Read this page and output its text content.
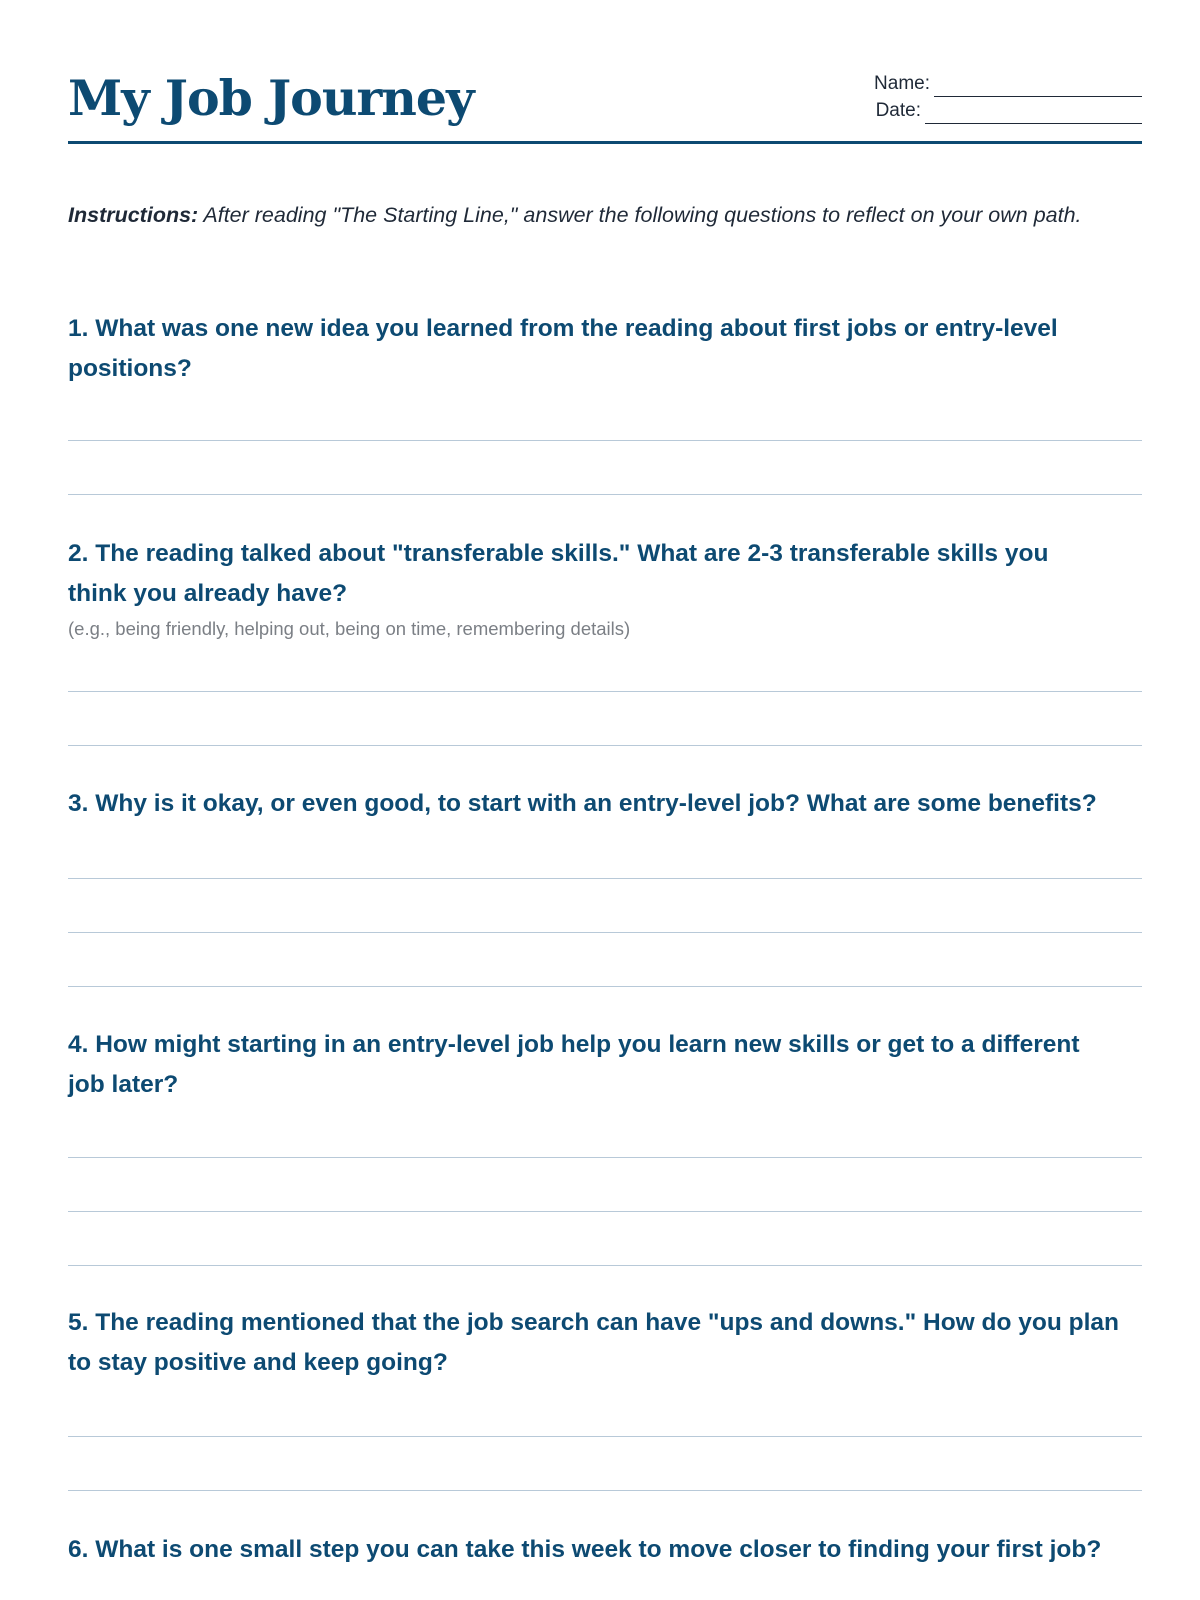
My Job Journey	Name:
Date:

Instructions: After reading "The Starting Line," answer the following questions to reflect on your own path.

1. What was one new idea you learned from the reading about first jobs or entry-level
positions?
2. The reading talked about "transferable skills." What are 2-3 transferable skills you
think you already have?
(e.g., being friendly, helping out, being on time, remembering details)
3. Why is it okay, or even good, to start with an entry-level job? What are some benefits?
4. How might starting in an entry-level job help you learn new skills or get to a different
job later?
5. The reading mentioned that the job search can have "ups and downs." How do you plan
to stay positive and keep going?
6. What is one small step you can take this week to move closer to finding your first job?
